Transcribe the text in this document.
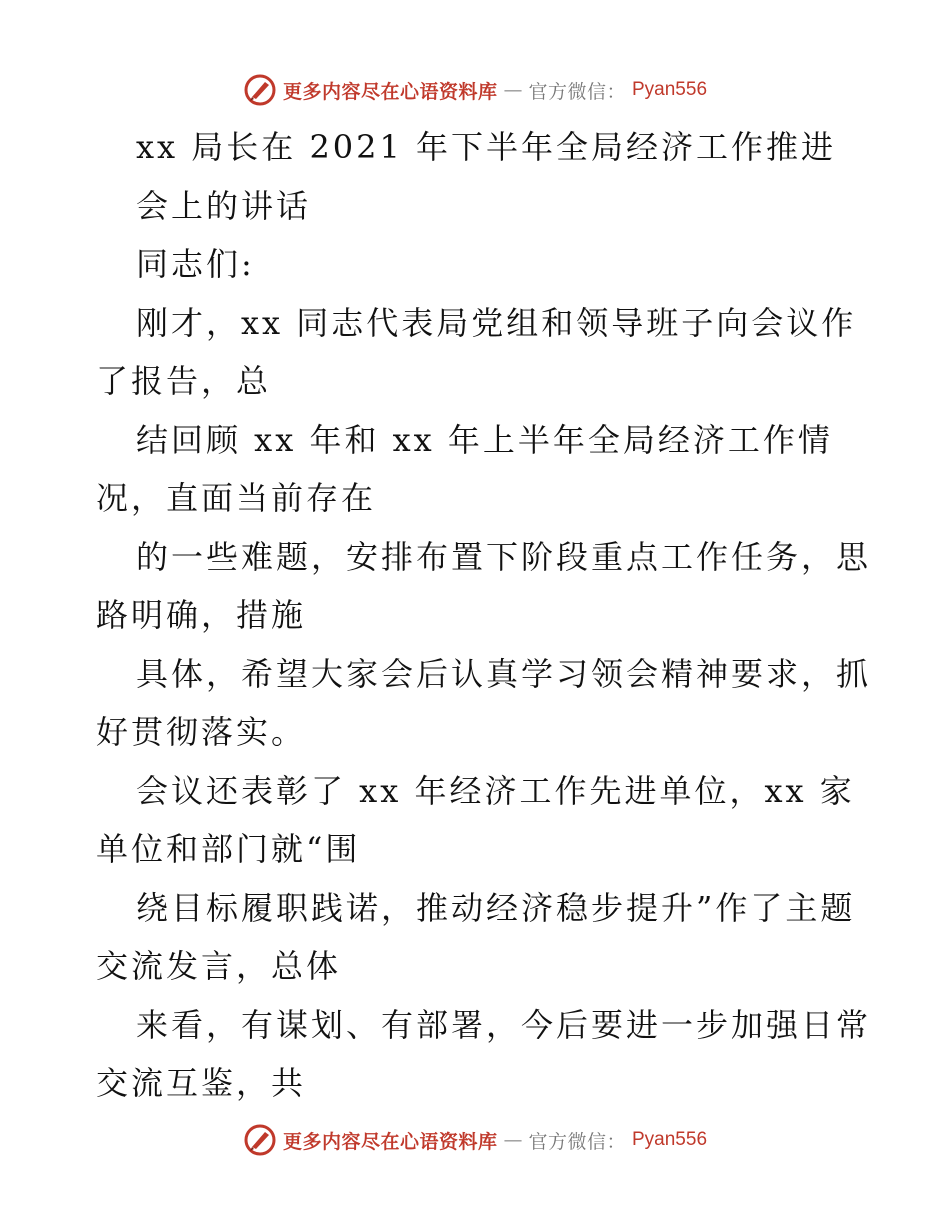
更多内容尽在心语资料库 — 官方微信： Pyan556
xx 局长在 2021 年下半年全局经济工作推进
会上的讲话
同志们:
刚才，xx 同志代表局党组和领导班子向会议作
了报告，总
结回顾 xx 年和 xx 年上半年全局经济工作情
况，直面当前存在
的一些难题，安排布置下阶段重点工作任务，思
路明确，措施
具体，希望大家会后认真学习领会精神要求，抓
好贯彻落实。
会议还表彰了 xx 年经济工作先进单位，xx 家
单位和部门就“围
绕目标履职践诺，推动经济稳步提升”作了主题
交流发言，总体
来看，有谋划、有部署，今后要进一步加强日常
交流互鉴，共
更多内容尽在心语资料库 — 官方微信： Pyan556
